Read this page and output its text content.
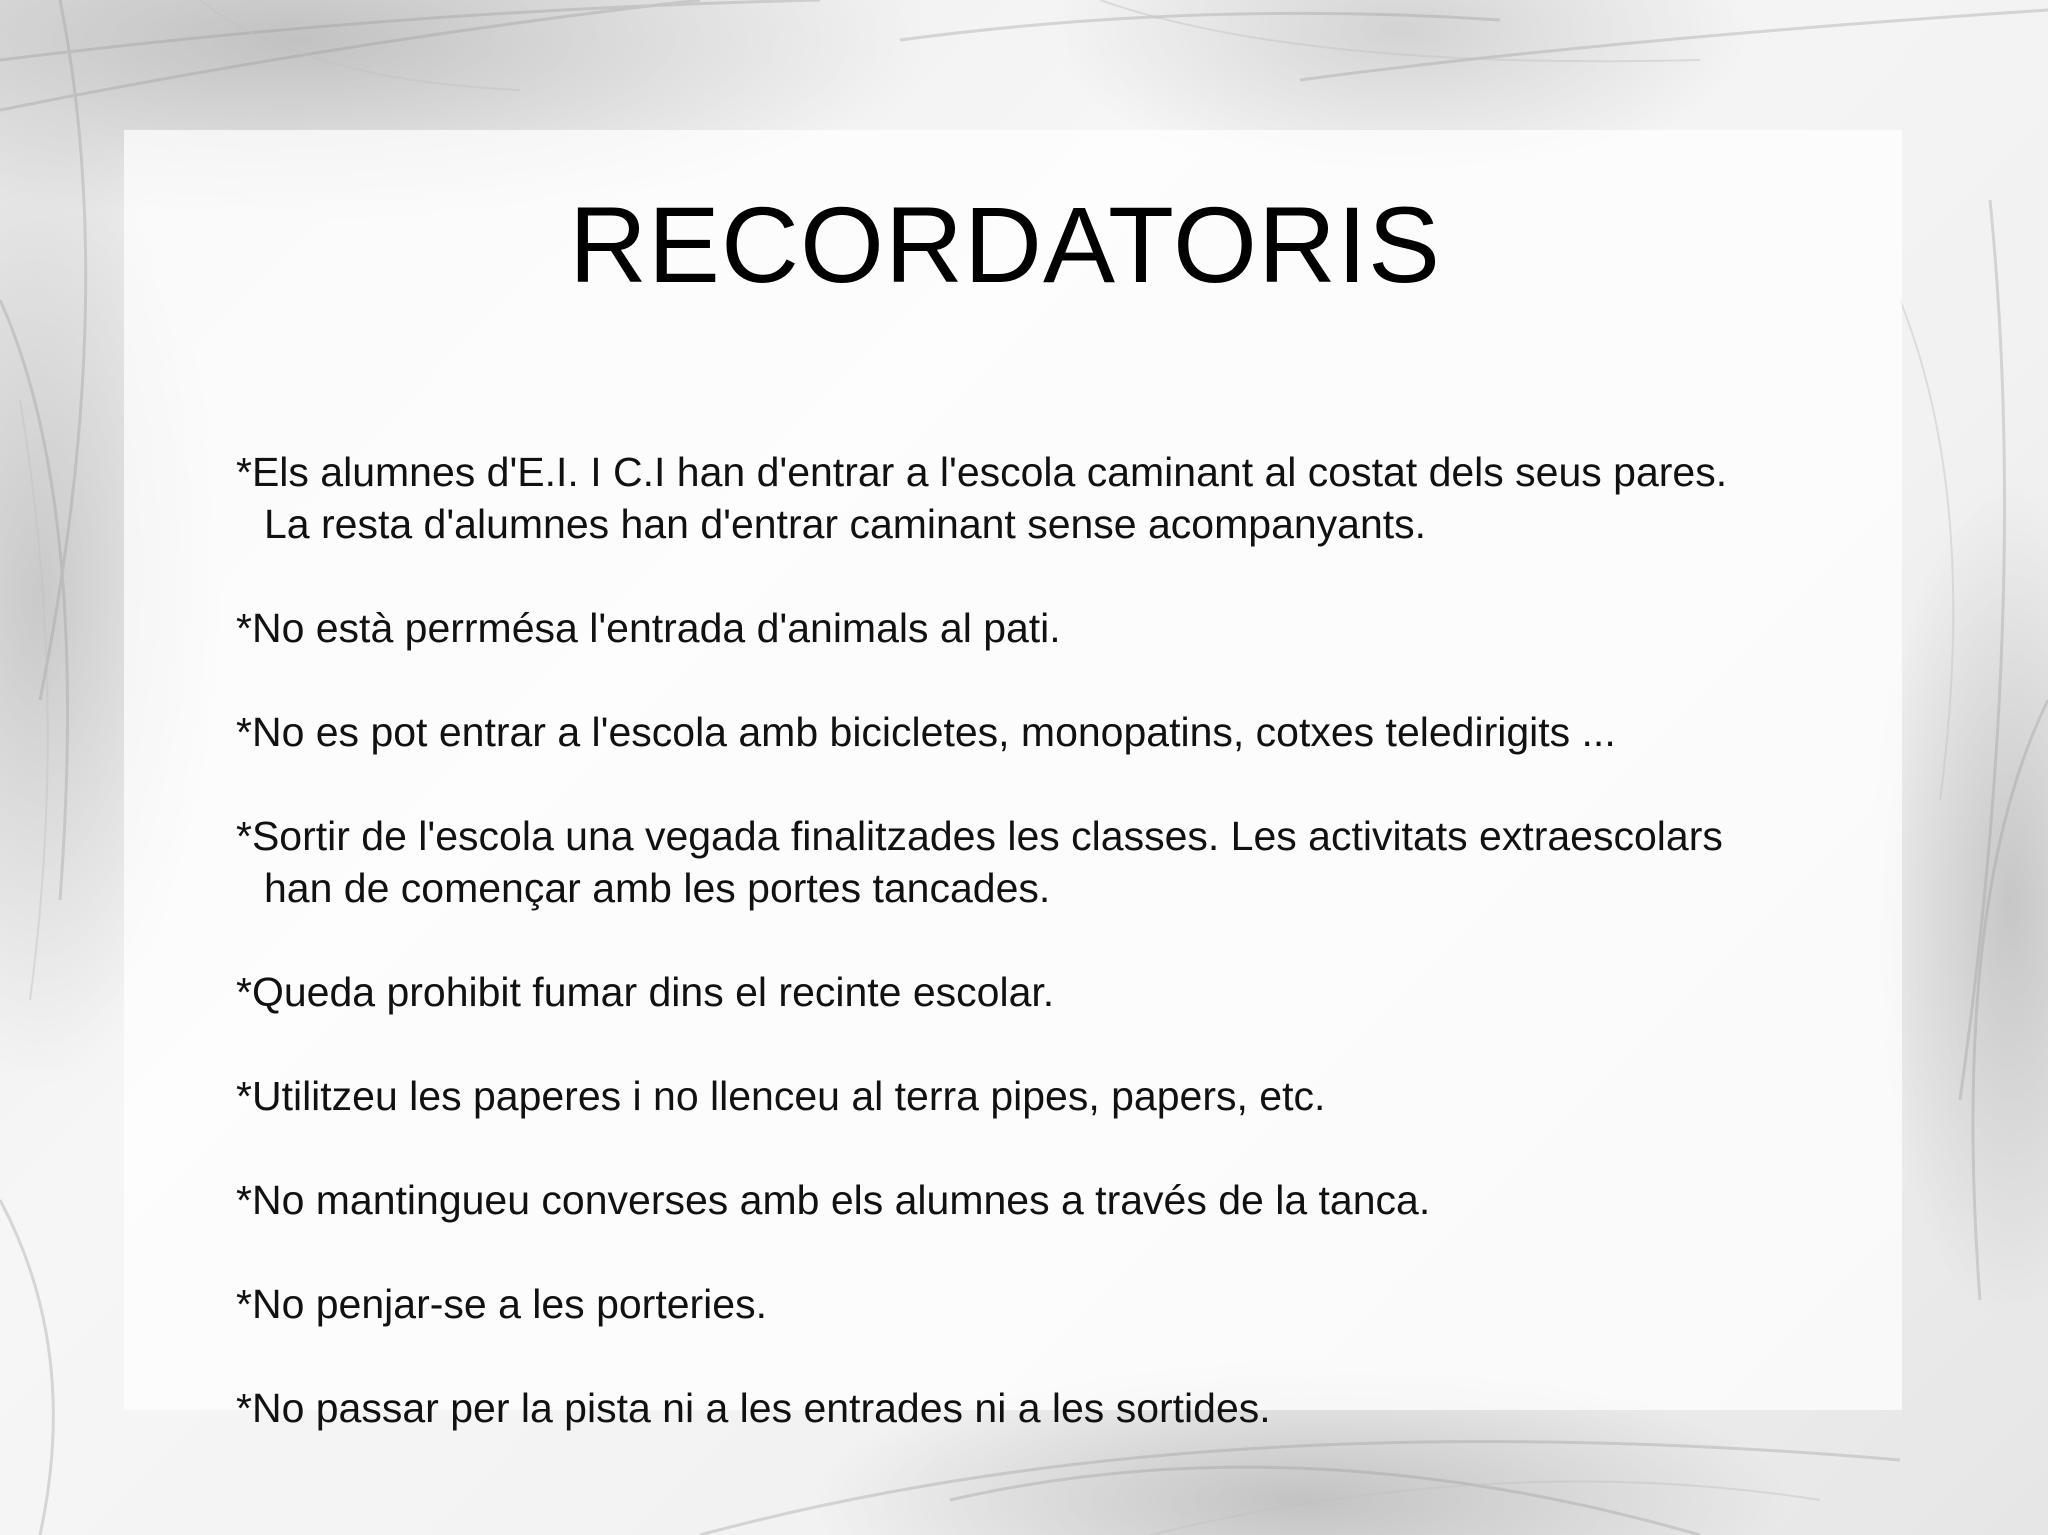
RECORDATORIS
*Els alumnes d'E.I. I C.I han d'entrar a l'escola caminant al costat dels seus pares.
La resta d'alumnes han d'entrar caminant sense acompanyants.
*No està perrmésa l'entrada d'animals al pati.
*No es pot entrar a l'escola amb bicicletes, monopatins, cotxes teledirigits ...
*Sortir de l'escola una vegada finalitzades les classes. Les activitats extraescolars
han de començar amb les portes tancades.
*Queda prohibit fumar dins el recinte escolar.
*Utilitzeu les paperes i no llenceu al terra pipes, papers, etc.
*No mantingueu converses amb els alumnes a través de la tanca.
*No penjar-se a les porteries.
*No passar per la pista ni a les entrades ni a les sortides.
